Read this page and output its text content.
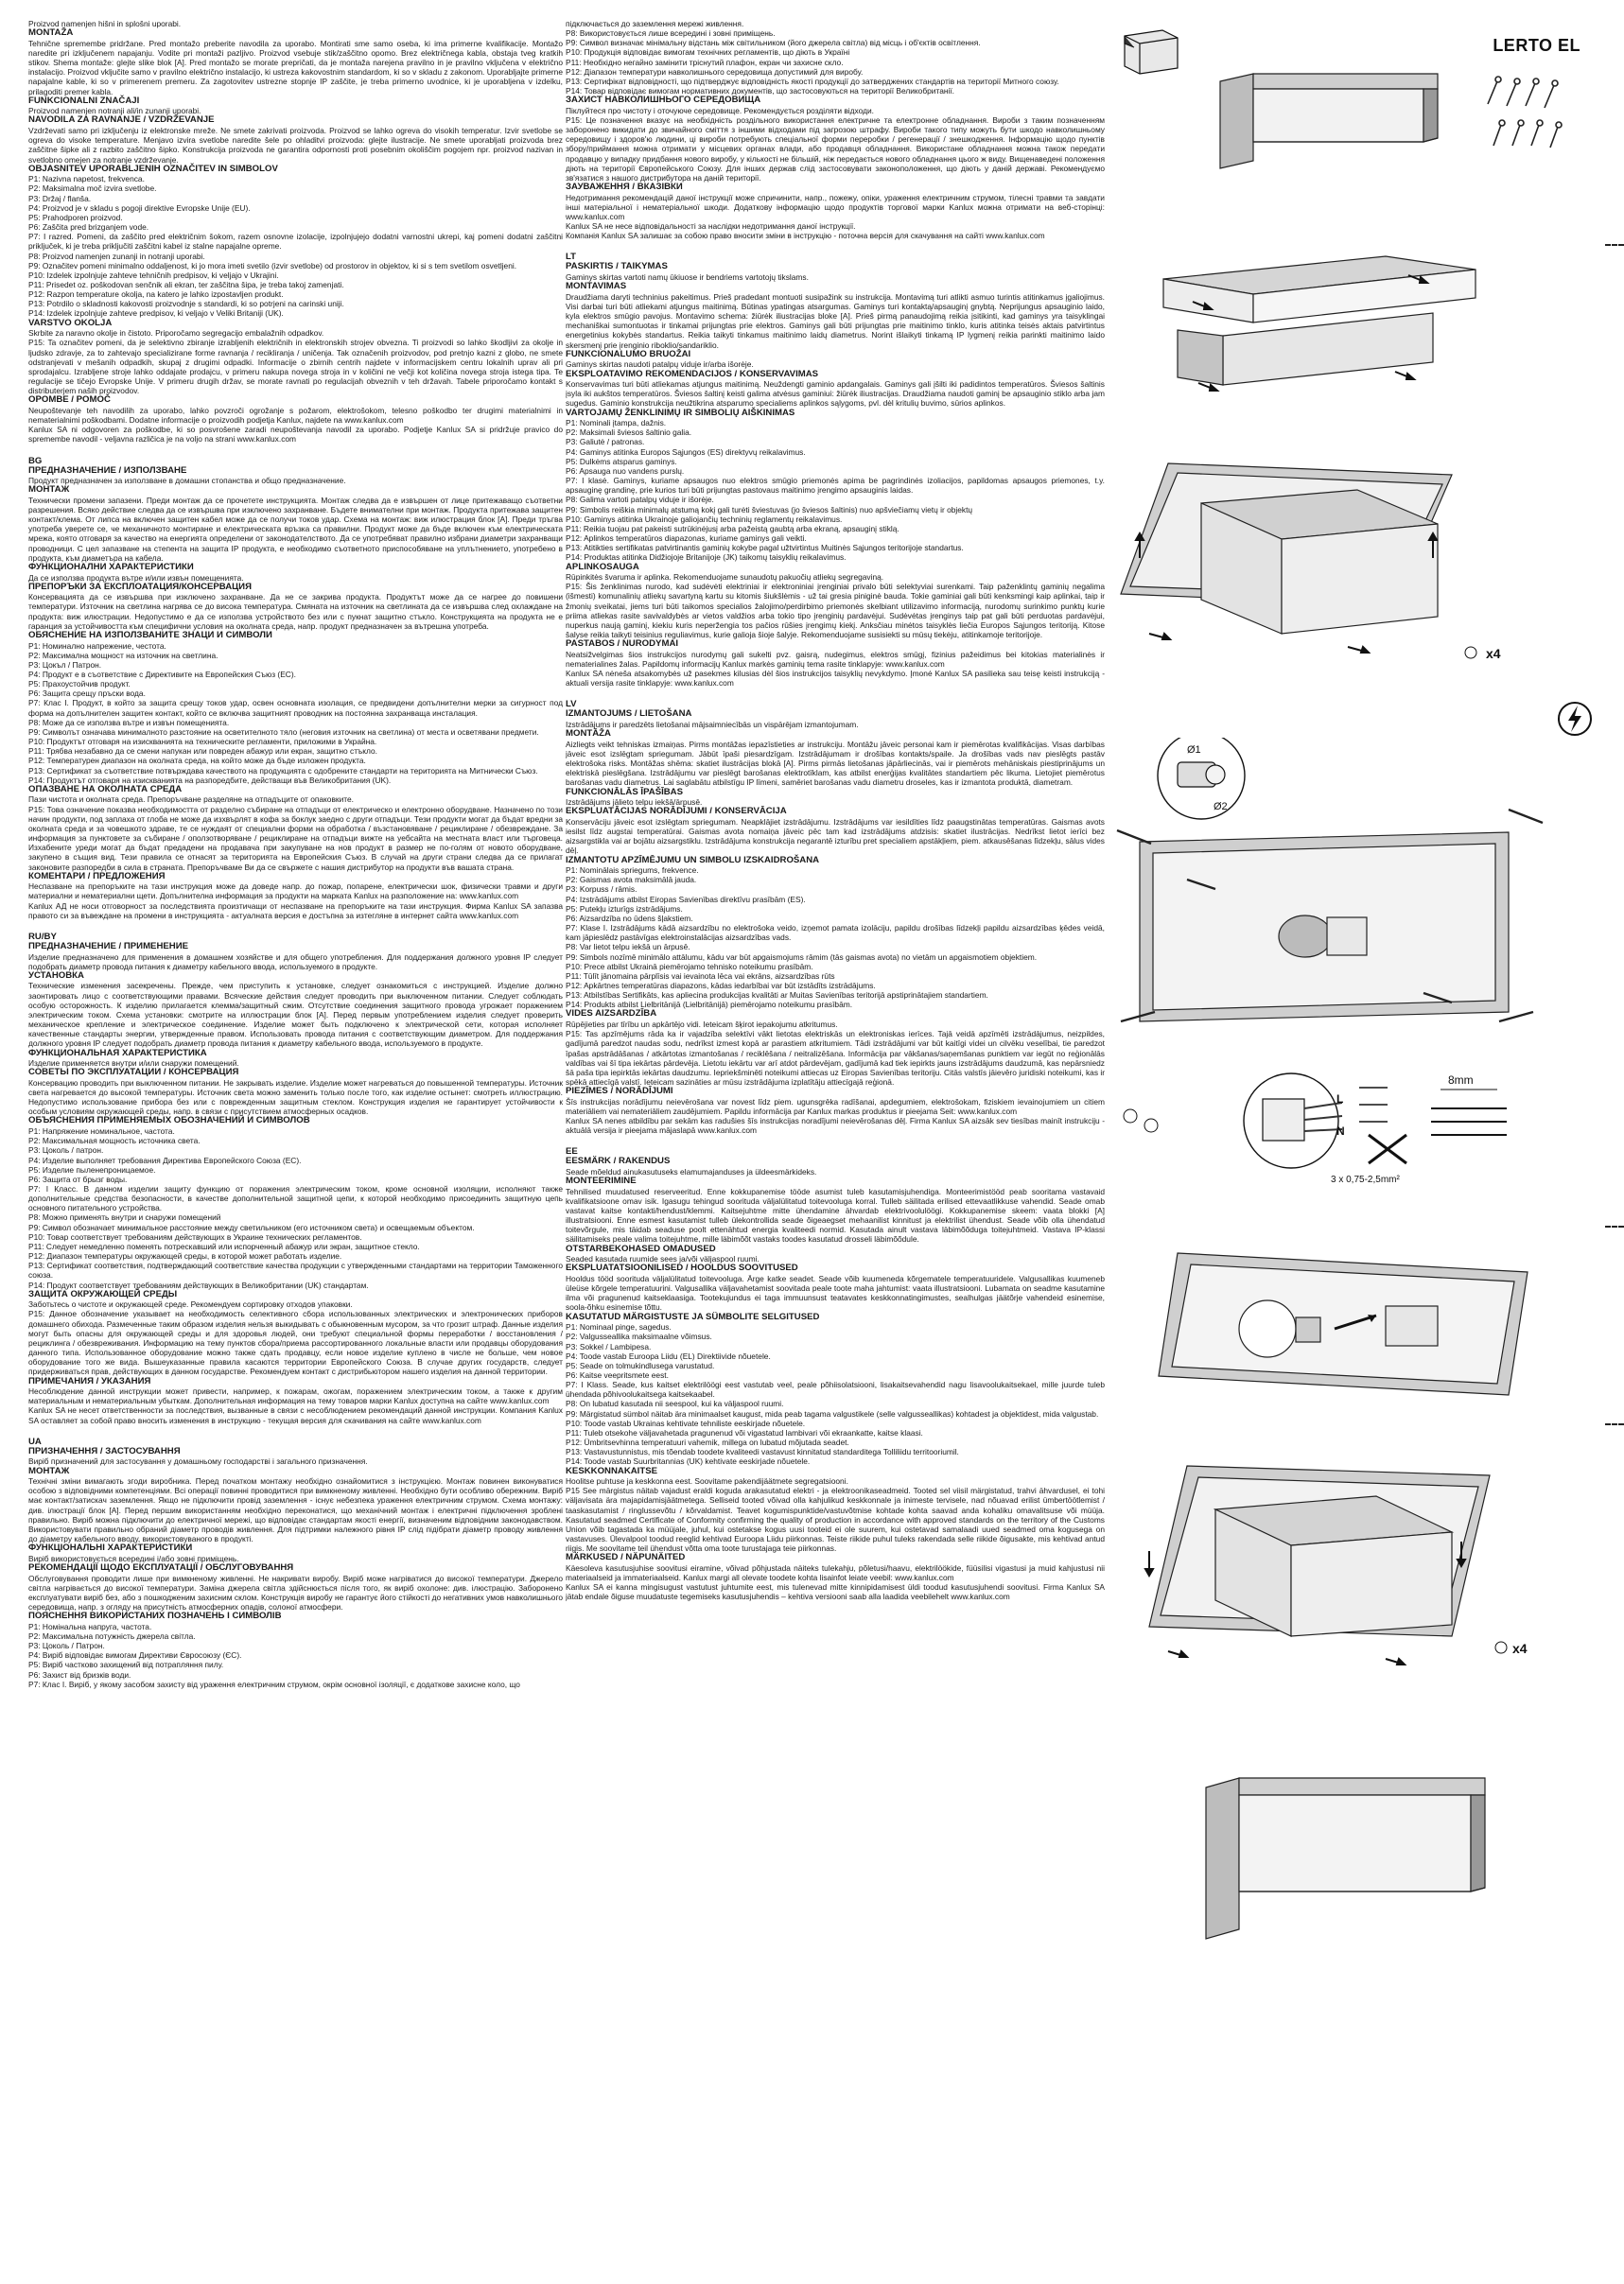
Proizvod namenjen hišni in splošni uporabi.
MONTAŽA
Tehnične spremembe pridržane. Pred montažo preberite navodila za uporabo. Montirati sme samo oseba, ki ima primerne kvalifikacije. Montažo naredite pri izključenem napajanju. Vodite pri montaži pazljivo. Proizvod vsebuje stik/zaščitno opomo. Brez električnega kabla, obstaja tveg kratkih stikov. Shema montaže: glejte slike blok [A]. Pred montažo se morate prepričati, da je montaža narejena pravilno in je pravilno vključena v električno instalacijo. Proizvod vključite samo v pravilno električno instalacijo, ki ustreza kakovostnim standardom, ki so v skladu z zakonom. Uporabljajte primerne napajalne kable, ki so v primerenem premeru. Za zagotovitev ustrezne stopnje IP zaščite, je treba primerno uvodnice, ki je uporabljena v izdelku, prilagoditi premer kabla.
FUNKCIONALNI ZNAČAJI
Proizvod namenjen notranji ali/in zunanji uporabi.
NAVODILA ZA RAVNANJE / VZDRŽEVANJE
Vzdrževati samo pri izključenju iz elektronske mreže. Ne smete zakrivati proizvoda. Proizvod se lahko ogreva do visokih temperatur. Izvir svetlobe se ogreva do visoke temperature. Menjavo izvira svetlobe naredite šele po ohladitvi proizvoda: glejte ilustracije. Ne smete uporabljati proizvoda brez zaščitne šipke ali z razbito zaščitno šipko. Konstrukcija proizvoda ne garantira odpornosti proti posebnim okoliščim pogojem npr. proizvod nazivan in svetlobno omejen za notranje vzdrževanje.
OBJASNITEV UPORABLJENIH OZNAČITEV IN SIMBOLOV
P1: Nazivna napetost, frekvenca.
P2: Maksimalna moč izvira svetlobe.
P3: Držaj / flanša.
P4: Proizvod je v skladu s pogoji direktive Evropske Unije (EU).
P5: Prahodporen proizvod.
P6: Zaščita pred brizganjem vode.
P7: I razred. Pomeni, da zaščito pred električnim šokom, razem osnovne izolacije, izpolnjujejo dodatni varnostni ukrepi, kaj pomeni dodatni zaščitni priključek, ki je treba priključiti zaščitni kabel iz stalne napajalne opreme.
P8: Proizvod namenjen zunanji in notranji uporabi.
P9: Označitev pomeni minimalno oddaljenost, ki jo mora imeti svetilo (izvir svetlobe) od prostorov in objektov, ki si s tem svetilom osvetljeni.
P10: Izdelek izpolnjuje zahteve tehničnih predpisov, ki veljajo v Ukrajini.
P11: Prisedet oz. poškodovan senčnik ali ekran, ter zaščitna šipa, je treba takoj zamenjati.
P12: Razpon temperature okolja, na katero je lahko izpostavljen produkt.
P13: Potrdilo o skladnosti kakovosti proizvodnje s standardi, ki so potrjeni na carinski uniji.
P14: Izdelek izpolnjuje zahteve predpisov, ki veljajo v Veliki Britaniji (UK).
VARSTVO OKOLJA
Skrbite za naravno okolje in čistoto. Priporočamo segregacijo embalažnih odpadkov.
P15: Ta označitev pomeni, da je selektivno zbiranje izrabljenih električnih in elektronskih strojev obvezna. Ti proizvodi so lahko škodljivi za okolje in ljudsko zdravje, za to zahtevajo specializirane forme ravnanja / recikliranja / uničenja. Tak označenih proizvodov, pod pretnjo kazni z globo, ne smete odstranjevati v mešanih odpadkih, skupaj z drugimi odpadki. Informacije o zbirnih centrih najdete v informacijskem centru lokalnih uprav ali pri sprodajalcu. Izrabljene stroje lahko oddajate prodajcu, v primeru nakupa novega stroja in v količini ne večji kot količina novega stroja istega tipa. Te regulacije se tičejo Evropske Unije. V primeru drugih držav, se morate ravnati po regulacijah obveznih v teh državah. Tabele priporočamo kontakt s distributerjem naših proizvodov.
OPOMBE / POMOČ
Neupoštevanje teh navodilih za uporabo, lahko povzroči ogrožanje s požarom, elektrošokom, telesno poškodbo ter drugimi materialnimi in nematerialnimi poškodbami. Dodatne informacije o proizvodih podjetja Kanlux, najdete na www.kanlux.com
Kanlux SA ni odgovoren za poškodbe, ki so posvrošene zaradi neupoštevanja navodil za uporabo. Podjetje Kanlux SA si pridržuje pravico do spremembe navodil - veljavna različica je na voljo na strani www.kanlux.com
BG
ПРЕДНАЗНАЧЕНИЕ / ИЗПОЛЗВАНЕ
Продукт предназначен за използване в домашни стопанства и общо предназначение.
МОНТАЖ
Технически промени запазени. Преди монтаж да се прочетете инструкцията. Монтаж следва да е извършен от лице притежаващо съответни разрешения. Всяко действие следва да се извършва при изключено захранване. Бъдете внимателни при монтаж. Продукта притежава защитен контакт/клема. От липса на включен защитен кабел може да се получи токов удар. Схема на монтаж: виж илюстрация блок [A]. Преди тръгва употреба уверете се, че механичното монтиране и електрическата връзка са правилни. Продукт може да бъде включен към електрическата мрежа, която отговаря за качество на енергията определени от законодателството. Да се употребяват правилно избрани диаметри захранващи проводници. С цел запазване на степента на защита IP продукта, е необходимо съответното приспособяване на уплътнението, употребено в продукта, към диаметъра на кабела.
ФУНКЦИОНАЛНИ ХАРАКТЕРИСТИКИ
Да се използва продукта вътре и/или извън помещенията.
ПРЕПОРЪКИ ЗА ЕКСПЛОАТАЦИЯ/КОНСЕРВАЦИЯ
Консервацията да се извършва при изключено захранване. Да не се закрива продукта. Продуктът може да се нагрее до повишени температури. Източник на светлина нагрява се до висока температура. Смяната на източник на светлината да се извършва след охлаждане на продукта: виж илюстрации. Недопустимо е да се използва устройството без или с пукнат защитно стъкло. Конструкцията на продукта не е гаранция за устойчивостта към специфични условия на околната среда, напр. продукт предназначен за вътрешна употреба.
ОБЯСНЕНИЕ НА ИЗПОЛЗВАНИТЕ ЗНАЦИ И СИМВОЛИ
P1: Номинално напрежение, честота.
P2: Максимална мощност на източник на светлина.
P3: Цокъл / Патрон.
P4: Продукт е в съответствие с Директивите на Европейския Съюз (ЕС).
P5: Прахоустойчив продукт.
P6: Защита срещу пръски вода.
P7: Клас I. Продукт, в който за защита срещу токов удар, освен основната изолация, се предвидени допълнителни мерки за сигурност под форма на допълнителен защитен контакт, който се включва защитният проводник на постоянна захранваща инсталация.
P8: Може да се използва вътре и извън помещенията.
P9: Символът означава минималното разстояние на осветителното тяло (неговия източник на светлина) от места и осветявани предмети.
P10: Продуктът отговаря на изискванията на техническите регламенти, приложими в Украйна.
P11: Трябва незабавно да се смени напукан или повреден абажур или екран, защитно стъкло.
P12: Температурен диапазон на околната среда, на който може да бъде изложен продукта.
P13: Сертификат за съответствие потвърждава качеството на продукцията с одобрените стандарти на територията на Митнически Съюз.
P14: Продуктът отговаря на изискванията на разпоредбите, действащи във Великобритания (UK).
ОПАЗВАНЕ НА ОКОЛНАТА СРЕДА
Пази чистота и околната среда. Препоръчване разделяне на отпадъците от опаковките.
P15: Това означение показва необходимостта от разделно събиране на отпадъци от електрическо и електронно оборудване. Назначено по този начин продукти, под заплаха от глоба не може да изхвърлят в кофа за боклук заедно с други отпадъци. Тези продукти могат да бъдат вредни за околната среда и за човешкото здраве, те се нуждаят от специални форми на обработка / възстановяване / рециклиране / обезвреждане. За информация за пунктовете за събиране / оползотворяване / рециклиране на отпадъци вижте на уебсайта на местната власт или търговеца. Изхабените уреди могат да бъдат предадени на продавача при закупуване на нов продукт в размер не по-голям от новото оборудване, закупено в същия вид. Тези правила се отнасят за територията на Европейския Съюз. В случай на други страни следва да се прилагат законовите разпоредби в сила в страната. Препоръчваме Ви да се свържете с нашия дистрибутор на продукти във вашата страна.
КОМЕНТАРИ / ПРЕДЛОЖЕНИЯ
Неспазване на препоръките на тази инструкция може да доведе напр. до пожар, попарене, електрически шок, физически травми и други материални и нематериални щети. Допълнителна информация за продукти на марката Kanlux на разположение на: www.kanlux.com
Kanlux АД не носи отговорност за последствията произтичащи от неспазване на препоръките на тази инструкция. Фирма Kanlux SA запазва правото си за въвеждане на промени в инструкцията - актуалната версия е достъпна за изтегляне в интернет сайта www.kanlux.com
RU/BY
ПРЕДНАЗНАЧЕНИЕ / ПРИМЕНЕНИЕ
Изделие предназначено для применения в домашнем хозяйстве и для общего употребления. Для поддержания должного уровня IP следует подобрать диаметр провода питания к диаметру кабельного ввода, используемого в продукте.
УСТАНОВКА
Технические изменения засекречены. Прежде, чем приступить к установке, следует ознакомиться с инструкцией. Изделие должно заонтировать лицо с соответствующими правами. Всяческие действия следует проводить при выключенном питании. Следует соблюдать особую осторожность. К изделию прилагается клемма/защитный сжим. Отсутствие соединения защитного провода угрожает поражением электрическим током. Схема установки: смотрите на иллюстрации блок [A]. Перед первым употреблением изделия следует проверить механическое крепление и электрическое соединение. Изделие может быть подключено к электрической сети, которая исполняет качественные стандарты энергии, утвержденные правом. Использовать провода питания с соответствующим диаметром. Для поддержания должного уровня IP следует подобрать диаметр провода питания к диаметру кабельного ввода, используемого в продукте.
ФУНКЦИОНАЛЬНАЯ ХАРАКТЕРИСТИКА
Изделие применяется внутри и/или снаружи помещений.
СОВЕТЫ ПО ЭКСПЛУАТАЦИИ / КОНСЕРВАЦИЯ
Консервацию проводить при выключенном питании. Не закрывать изделие. Изделие может нагреваться до повышенной температуры. Источник света нагревается до высокой температуры. Источник света можно заменить только после того, как изделие остынет: смотреть иллюстрацию. Недопустимо использование прибора без или с поврежденным защитным стеклом. Конструкция изделия не гарантирует устойчивости к особым условиям окружающей среды, напр. в связи с присутствием атмосферных осадков.
ОБЪЯСНЕНИЯ ПРИМЕНЯЕМЫХ ОБОЗНАЧЕНИЙ И СИМВОЛОВ
P1: Напряжение номинальное, частота.
P2: Максимальная мощность источника света.
P3: Цоколь / патрон.
P4: Изделие выполняет требования Директива Европейского Союза (ЕС).
P5: Изделие пыленепроницаемое.
P6: Защита от брызг воды.
P7: I Класс. В данном изделии защиту функцию от поражения электрическим током, кроме основной изоляции, исполняют также дополнительные средства безопасности, в качестве дополнительной защитной цепи, к которой необходимо присоединить защитную цепь основного питательного устройства.
P8: Можно применять внутри и снаружи помещений
P9: Символ обозначает минимальное расстояние между светильником (его источником света) и освещаемым объектом.
P10: Товар соответствует требованиям действующих в Украине технических регламентов.
P11: Следует немедленно поменять потрескавший или испорченный абажур или экран, защитное стекло.
P12: Диапазон температуры окружающей среды, в которой может работать изделие.
P13: Сертификат соответствия, подтверждающий соответствие качества продукции с утвержденными стандартами на территории Таможенного союза.
P14: Продукт соответствует требованиям действующих в Великобритании (UK) стандартам.
ЗАЩИТА ОКРУЖАЮЩЕЙ СРЕДЫ
Заботьтесь о чистоте и окружающей среде. Рекомендуем сортировку отходов упаковки.
P15: Данное обозначение указывает на необходимость селективного сбора использованных электрических и электронических приборов домашнего обихода. Размеченные таким образом изделия нельзя выкидывать с обыкновенным мусором, за что грозит штраф. Данные изделия могут быть опасны для окружающей среды и для здоровья людей, они требуют специальной формы переработки / восстановления / рециклинга / обезвреживания. Информацию на тему пунктов сбора/приема рассортированного локальные власти или продавцы оборудования данного типа. Использованное оборудование можно также сдать продавцу, если новое изделие куплено в числе не больше, чем новое оборудование того же вида. Вышеуказанные правила касаются территории Европейского Союза. В случае других государств, следует придерживаться прав, действующих в данном государстве. Рекомендуем контакт с дистрибьютором нашего изделия на данной территории.
ПРИМЕЧАНИЯ / УКАЗАНИЯ
Несоблюдение данной инструкции может привести, например, к пожарам, ожогам, поражением электрическим током, а также к другим материальным и нематериальным убыткам. Дополнительная информация на тему товаров марки Kanlux доступна на сайте www.kanlux.com
Kanlux SA не несет ответственности за последствия, вызванные в связи с несоблюдением рекомендаций данной инструкции. Компания Kanlux SA оставляет за собой право вносить изменения в инструкцию - текущая версия для скачивания на сайте www.kanlux.com
UA
ПРИЗНАЧЕННЯ / ЗАСТОСУВАННЯ
Виріб призначений для застосування у домашньому господарстві і загального призначення.
МОНТАЖ
Технічні зміни вимагають згоди виробника. Перед початком монтажу необхідно ознайомитися з інструкцією. Монтаж повинен виконуватися особою з відповідними компетенціями. Всі операції повинні проводитися при вимкненому живленні. Необхідно бути особливо обережним. Виріб має контакт/затискач заземлення. Якщо не підключити провід заземлення - існує небезпека ураження електричним струмом. Схема монтажу: див. ілюстрації блок [A]. Перед першим використанням необхідно переконатися, що механічний монтаж і електричні підключення зроблені правильно. Виріб можна підключити до електричної мережі, що відповідає стандартам якості енергії, визначеним відповідним законодавством. Використовувати правильно обраний діаметр проводів живлення. Для підтримки належного рівня IP слід підібрати діаметр проводу живлення до діаметру кабельного вводу, використовуваного в продукті.
ФУНКЦІОНАЛЬНІ ХАРАКТЕРИСТИКИ
Виріб використовується всередині і/або зовні приміщень.
РЕКОМЕНДАЦІЇ ЩОДО ЕКСПЛУАТАЦІЇ / ОБСЛУГОВУВАННЯ
Обслуговування проводити лише при вимкненому живленні. Не накривати виробу. Виріб може нагріватися до високої температури. Джерело світла нагрівається до високої температури. Заміна джерела світла здійснюється після того, як виріб охолоне: див. ілюстрацію. Заборонено експлуатувати виріб без, або з пошкодженим захисним склом. Конструкція виробу не гарантує його стійкості до негативних умов навколишнього середовища, напр. з огляду на присутність атмосферних опадів, солоної атмосфери.
ПОЯСНЕННЯ ВИКОРИСТАНИХ ПОЗНАЧЕНЬ І СИМВОЛІВ
P1: Номінальна напруга, частота.
P2: Максимальна потужність джерела світла.
P3: Цоколь / Патрон.
P4: Виріб відповідає вимогам Директиви Євросоюзу (ЄС).
P5: Виріб частково захищений від потрапляння пилу.
P6: Захист від бризків води.
P7: Клас I. Виріб, у якому засобом захисту від ураження електричним струмом, окрім основної ізоляції, є додаткове захисне коло, що
підключається до заземлення мережі живлення.
P8: Використовується лише всередині і зовні приміщень.
P9: Символ визначає мінімальну відстань між світильником (його джерела світла) від місць і об'єктів освітлення.
P10: Продукція відповідає вимогам технічних регламентів, що діють в Україні
P11: Необхідно негайно замінити тріснутий плафон, екран чи захисне скло.
P12: Діапазон температури навколишнього середовища допустимий для виробу.
P13: Сертифікат відповідності, що підтверджує відповідність якості продукції до затверджених стандартів на території Митного союзу.
P14: Товар відповідає вимогам нормативних документів, що застосовуються на території Великобританії.
ЗАХИСТ НАВКОЛИШНЬОГО СЕРЕДОВИЩА
Піклуйтеся про чистоту і оточуюче середовище. Рекомендується розділяти відходи.
P15: Це позначення вказує на необхідність роздільного використання електричне та електронне обладнання. Вироби з таким позначенням заборонено викидати до звичайного сміття з іншими відходами під загрозою штрафу. Вироби такого типу можуть бути шкодо навколишньому середовищу і здоров'ю людини, ці вироби потребують спеціальної форми переробки / регенерації / знешкодження. Інформацію щодо пунктів збору/приймання можна отримати у місцевих органах влади, або продавця обладнання. Використане обладнання можна також передати продавцю у випадку придбання нового виробу, у кількості не більшій, ніж передається нового обладнання цього ж виду. Вищенаведені положення діють на території Європейського Союзу. Для інших держав слід застосовувати законоположення, що діють у даній державі. Рекомендуємо зв'язатися з нашого дистрибутора на даній території.
ЗАУВАЖЕННЯ / ВКАЗІВКИ
Недотримання рекомендацій даної інструкції може спричинити, напр., пожежу, опіки, ураження електричним струмом, тілесні травми та завдати інші матеріальної і нематеріальної шкоди. Додаткову інформацію щодо продуктів торгової марки Kanlux можна отримати на веб-сторінці: www.kanlux.com
Kanlux SA не несе відповідальності за наслідки недотримання даної інструкції.
Компанія Kanlux SA залишає за собою право вносити зміни в інструкцію - поточна версія для скачування на сайті www.kanlux.com
LT
PASKIRTIS / TAIKYMAS
Gaminys skirtas vartoti namų ūkiuose ir bendriems vartotojų tikslams.
MONTAVIMAS
Draudžiama daryti techninius pakeitimus. Prieš pradedant montuoti susipažink su instrukcija. Montavimą turi atlikti asmuo turintis atitinkamus įgaliojimus. Visi darbai turi būti atliekami atjungus maitinimą. Būtinas ypatingas atsargumas. Gaminys turi kontaktą/apsauginį gnybtą. Neprijungus apsauginio laido, kyla elektros smūgio pavojus. Montavimo schema: žiūrėk iliustracijas bloke [A]. Prieš pirmą panaudojimą reikia įsitikinti, kad gaminys yra taisyklingai mechaniškai sumontuotas ir tinkamai prijungtas prie elektros. Gaminys gali būti prijungtas prie maitinimo tinklo, kuris atitinka teisės aktais patvirtintus energetinius kokybės standartus. Reikia taikyti tinkamus maitinimo laidų diametrus. Norint išlaikyti tinkamą IP lygmenį reikia parinkti maitinimo laido skersmenį prie įrenginio riboklio/sandariklio.
FUNKCIONALUMO BRUOŽAI
Gaminys skirtas naudoti patalpų viduje ir/arba išorėje.
EKSPLOATAVIMO REKOMENDACIJOS / KONSERVAVIMAS
Konservavimas turi būti atliekamas atjungus maitinimą. Neuždengti gaminio apdangalais. Gaminys gali įšilti iki padidintos temperatūros. Šviesos šaltinis įsyla iki aukštos temperatūros. Šviesos šaltinį keisti galima atvėsus gaminiui: žiūrėk iliustracijas. Draudžiama naudoti gaminį be apsauginio stiklo arba jam sugedus. Gaminio konstrukcija neužtikrina atsparumo specialiems aplinkos sąlygoms, pvl. dėl kritulių buvimo, sūrios aplinkos.
VARTOJAMŲ ŽENKLINIMŲ IR SIMBOLIŲ AIŠKINIMAS
P1: Nominali įtampa, dažnis.
P2: Maksimali šviesos šaltinio galia.
P3: Galiutė / patronas.
P4: Gaminys atitinka Europos Sąjungos (ES) direktyvų reikalavimus.
P5: Dulkėms atsparus gaminys.
P6: Apsauga nuo vandens purslų.
P7: I klasė. Gaminys, kuriame apsaugos nuo elektros smūgio priemonės apima be pagrindinės izoliacijos, papildomas apsaugos priemones, t.y. apsauginę grandinę, prie kurios turi būti prijungtas pastovaus maitinimo įrengimo apsauginis laidas.
P8: Galima vartoti patalpų viduje ir išorėje.
P9: Simbolis reiškia minimalų atstumą kokį gali turėti šviestuvas (jo šviesos šaltinis) nuo apšviečiamų vietų ir objektų
P10: Gaminys atitinka Ukrainoje galiojančių techninių reglamentų reikalavimus.
P11: Reikia tuojau pat pakeisti sutrūkinėjusį arba pažeistą gaubtą arba ekraną, apsauginį stiklą.
P12: Aplinkos temperatūros diapazonas, kuriame gaminys gali veikti.
P13: Atitikties sertifikatas patvirtinantis gaminių kokybe pagal užtvirtintus Muitinės Sąjungos teritorijoje standartus.
P14: Produktas atitinka Didžiojoje Britanijoje (JK) taikomų taisyklių reikalavimus.
APLINKOSAUGA
Rūpinkitės švaruma ir aplinka. Rekomenduojame sunaudotų pakuočių atliekų segregaviną.
P15: Šis ženklinimas nurodo, kad sudėvėti elektriniai ir elektroniniai įrenginiai privalo būti selektyviai surenkami. Taip paženklintų gaminių negalima (išmesti) komunalinių atliekų savartyną kartu su kitomis šiukšlėmis - už tai gresia piniginė bauda. Tokie gaminiai gali būti kenksmingi kaip aplinkai, taip ir žmonių sveikatai, jiems turi būti taikomos specialios žalojimo/perdirbimo priemonės skelbiant utilizavimo informaciją, nurodomų surinkimo punktų kurie priima atliekas rasite savivaldybės ar vietos valdžios arba tokio tipo įrenginių pardavėjui. Sudėvėtas įrenginys taip pat gali būti perduotas pardavėjui, nuperkus naują gaminį, kiekiu kuris neperžengia tos pačios rūšies įrengimų kiekį. Anksčiau minėtos taisyklės liečia Europos Sąjungos teritoriją. Kitose šalyse reikia taikyti teisinius reguliavimus, kurie galioja šioje šalyje. Rekomenduojame susisiekti su mūsų tiekėju, atitinkamoje teritorijoje.
PASTABOS / NURODYMAI
Neatsižvelgimas šios instrukcijos nurodymų gali sukelti pvz. gaisrą, nudegimus, elektros smūgį, fizinius pažeidimus bei kitokias materialinės ir nematerialines žalas. Papildomų informacijų Kanlux markės gaminių tema rasite tinklapyje: www.kanlux.com
Kanlux SA nėneša atsakomybės už pasekmes kilusias dėl šios instrukcijos taisyklių nevykdymo. Įmonė Kanlux SA pasilieka sau teisę keisti instrukciją - aktuali versija rasite tinklapyje: www.kanlux.com
LV
IZMANTOJUMS / LIETOŠANA
Izstrādājums ir paredzēts lietošanai mājsaimniecībās un vispārējam izmantojumam.
MONTĀŽA
Aizliegts veikt tehniskas izmaiņas. Pirms montāžas iepazīstieties ar instrukciju. Montāžu jāveic personai kam ir piemērotas kvalifikācijas. Visas darbības jāveic esot izslēgtam spriegumam. Jābūt īpaši piesardzīgam. Izstrādājumam ir drošības kontakts/spaile. Ja drošības vads nav pieslēgts pastāv elektrošoka risks. Montāžas shēma: skatiet ilustrācijas blokā [A]. Pirms pirmās lietošanas jāpārliecinās, vai ir piemērots mehāniskais piestiprinājums un elektriskā pieslēgšana. Izstrādājumu var pieslēgt barošanas elektrotīklam, kas atbilst enerģijas kvalitātes standartiem pēc likuma. Lietojiet piemērotus barošanas vadu diametrus. Lai saglabātu atbilstīgu IP līmeni, samēriet barošanas vadu diametru droseles, kas ir izmantota produktā, diametram.
FUNKCIONĀLĀS ĪPAŠĪBAS
Izstrādājums jālieto telpu iekšā/ārpusē.
EKSPLUATĀCIJAS NORĀDĪJUMI / KONSERVĀCIJA
Konservāciju jāveic esot izslēgtam spriegumam. Neapklājiet izstrādājumu. Izstrādājums var iesildīties līdz paaugstinātas temperatūras. Gaismas avots iesilst līdz augstai temperatūrai. Gaismas avota nomaiņa jāveic pēc tam kad izstrādājums atdzisis: skatiet ilustrācijas. Nedrīkst lietot ierīci bez aizsargstikla vai ar bojātu aizsargstiklu. Izstrādājuma konstrukcija negarantē izturību pret specialiem apstākļiem, piem. atkausēšanas līdzekļu, sālus vides dēļ.
IZMANTOTU APZĪMĒJUMU UN SIMBOLU IZSKAIDROŠANA
P1: Nominālais spriegums, frekvence.
P2: Gaismas avota maksimālā jauda.
P3: Korpuss / rāmis.
P4: Izstrādājums atbilst Eiropas Savienības direktīvu prasībām (ES).
P5: Putekļu izturīgs izstrādājums.
P6: Aizsardzība no ūdens šļakstiem.
P7: Klase I. Izstrādājums kādā aizsardzību no elektrošoka veido, izņemot pamata izolāciju, papildu drošības līdzekļi papildu aizsardzības ķēdes veidā, kam jāpieslēdz pastāvīgas elektroinstalācijas aizsardzības vads.
P8: Var lietot telpu iekšā un ārpusē.
P9: Simbols nozīmē minimālo attālumu, kādu var būt apgaismojums rāmim (tās gaismas avota) no vietām un apgaismotiem objektiem.
P10: Prece atbilst Ukrainā piemērojamo tehnisko noteikumu prasībām.
P11: Tūlīt jānomaina pārplīsis vai ievainota lēca vai ekrāns, aizsardzības rūts
P12: Apkārtnes temperatūras diapazons, kādas iedarbībai var būt izstādīts izstrādājums.
P13: Atbilstības Sertifikāts, kas apliecina produkcijas kvalitāti ar Muitas Savienības teritorijā apstiprinātajiem standartiem.
P14: Produkts atbilst Lielbritānijā (Lielbritānijā) piemērojamo noteikumu prasībām.
VIDES AIZSARDZĪBA
Rūpējieties par tīrību un apkārtējo vidi. Ieteicam šķirot iepakojumu atkritumus.
P15: Tas apzīmējums rāda ka ir vajadzība selektīvi vākt lietotas elektriskās un elektroniskas ierīces. Tajā veidā apzīmēti izstrādājumus, neizpildes, gadījumā paredzot naudas sodu, nedrīkst izmest kopā ar parastiem atkritumiem. Tādi izstrādājumi var būt kaitīgi videi un cilvēku veselībai, tie paredzot īpašas apstrādāšanas / atkārtotas izmantošanas / reciklēšana / neitralizēšana. Informācija par vākšanas/saņemšanas punktiem var iegūt no reģionālās valdības vai šī tipa iekārtas pārdevēja. Lietotu iekārtu var arī atdot pārdevējam, gadījumā kad tiek iepirkts jauns izstrādājums daudzumā, kas nepārsniedz šā paša tipa iepirktās iekārtas daudzumu. Iepriekšminēti noteikumi attiecas uz Eiropas Savienības teritoriju. Citās valstīs jāievēro juridiski noteikumi, kas ir spēkā attiecīgā valstī. Ieteicam sazināties ar mūsu izstrādājuma izplatītāju attiecīgajā reģionā.
PIEZĪMES / NORĀDĪJUMI
Šīs instrukcijas norādījumu neievērošana var novest līdz piem. ugunsgrēka radīšanai, apdegumiem, elektrošokam, fiziskiem ievainojumiem un citiem materiāliem vai nemateriāliem zaudējumiem. Papildu informācija par Kanlux markas produktus ir pieejama Seit: www.kanlux.com
Kanlux SA nenes atbildību par sekām kas radušies šīs instrukcijas noradījumi neievērošanas dēļ. Firma Kanlux SA aizsāk sev tiesības mainīt instrukciju - aktuālā versija ir pieejama mājaslapā www.kanlux.com
EE
EESMÄRK / RAKENDUS
Seade mõeldud ainukasutuseks elamumajanduses ja üldeesmärkideks.
MONTEERIMINE
Tehnilised muudatused reserveeritud. Enne kokkupanemise tööde asumist tuleb kasutamisjuhendiga. Monteerimistööd peab sooritama vastavaid kvalifikatsioone omav isik. Igasugu tehingud soorituda väljalülitatud toitevooluga korral. Tulleb säilitada erilised ettevaatlikkuse vahendid. Seade omab vastavat kaitse kontakti/hendust/klemmi. Kaitsejuhtme mitte ühendamine ähvardab elektrivoolulöögi. Kokkupanemise skeem: vaata blokki [A] illustratsiooni. Enne esmest kasutamist tulleb ülekontrollida seade õigeaegset mehaanilist kinnitust ja elektrilist ühendust. Seade võib olla ühendatud toitevõrgule, mis täidab seaduse poolt ettenähtud energia kvaliteedi normid. Kasutada ainult vastava läbimõõduga toitejuhtmeid. Vastava IP-klassi säilitamiseks peale valima toitejuhtme, mille läbimõõt vastaks toodes kasutatud drosseli läbimõõdule.
OTSTARBEKOHASED OMADUSED
Seaded kasutada ruumide sees ja/või väljaspool ruumi.
EKSPLUATATSIOONILISED / HOOLDUS SOOVITUSED
Hooldus tööd soorituda väljalülitatud toitevooluga. Ärge katke seadet. Seade võib kuumeneda kõrgematele temperatuuridele. Valgusallikas kuumeneb üleüse kõrgele temperatuurini. Valgusallika väljavahetamist soovitada peale toote maha jahtumist: vaata illustratsiooni. Lubamata on seadme kasutamine ilma või pragunenud kaitseklaasiga. Tootekujundus ei taga immuunsust teatavates keskkonnatingimustes, sealhulgas jäätõrje vahendeid esinemise, soola-õhku esinemise tõttu.
KASUTATUD MÄRGISTUSTE JA SÜMBOLITE SELGITUSED
P1: Nominaal pinge, sagedus.
P2: Valgusseallika maksimaalne võimsus.
P3: Sokkel / Lambipesa.
P4: Toode vastab Euroopa Liidu (EL) Direktiivide nõuetele.
P5: Seade on tolmukindlusega varustatud.
P6: Kaitse veepritsmete eest.
P7: I Klass. Seade, kus kaitset elektrilöögi eest vastutab veel, peale põhiisolatsiooni, lisakaitsevahendid nagu lisavoolukaitsekael, mille juurde tuleb ühendada põhivoolukaitsega kaitsekaabel.
P8: On lubatud kasutada nii seespool, kui ka väljaspool ruumi.
P9: Märgistatud sümbol näitab ära minimaalset kaugust, mida peab tagama valgustikele (selle valgusseallikas) kohtadest ja objektidest, mida valgustab.
P10: Toode vastab Ukrainas kehtivate tehniliste eeskirjade nõuetele.
P11: Tuleb otsekohe väljavahetada pragunenud või vigastatud lambivari või ekraankatte, kaitse klaasi.
P12: Ümbritsevhinna temperatuuri vahemik, millega on lubatud mõjutada seadet.
P13: Vastavustunnistus, mis tõendab toodete kvaliteedi vastavust kinnitatud standarditega Tolliliidu territooriumil.
P14: Toode vastab Suurbritannias (UK) kehtivate eeskirjade nõuetele.
KESKKONNAKAITSE
Hoolitse puhtuse ja keskkonna eest. Soovitame pakendijäätmete segregatsiooni.
P15 See märgistus näitab vajadust eraldi koguda arakasutatud elektri - ja elektroonikaseadmeid. Tooted sel viisil märgistatud, trahvi ähvardusel, ei tohi väljavisata ära majapidamisjäätmetega. Selliseid tooted võivad olla kahjulikud keskkonnale ja inimeste tervisele, nad nõuavad erilist ümbertöötlemist / taaskasutamist / ringlussevõtu / kõrvaldamist. Teavet kogumispunktide/vastuvõtmise kohtade kohta saavad anda kohaliku omavalitsuse või müüja. Kasutatud seadmed Certificate of Conformity confirming the quality of production in accordance with approved standards on the territory of the Customs Union võib tagastada ka müüjale, juhul, kui ostetakse kogus uusi tooteid ei ole suurem, kui ostetavad samalaadi uued seadmed oma kogusega on vastavuses. Ülevalpool toodud reeglid kehtivad Euroopa Liidu piirkonnas. Teiste riikide puhul tuleks rakendada selle riikide õigusakte, mis kehtivad antud riigis. Me soovitame teil ühendust võtta oma toote turustajaga teie piirkonnas.
MÄRKUSED / NÄPUNÄITED
Käesoleva kasutusjuhise soovitusi eiramine, võivad põhjustada näiteks tulekahju, põletusi/haavu, elektrilöökide, füüsilisi vigastusi ja muid kahjustusi nii materiaalseid ja immateriaalseid. Kanlux margi all olevate toodete kohta lisainfot leiate veebil: www.kanlux.com
Kanlux SA ei kanna mingisugust vastutust juhtumite eest, mis tulenevad mitte kinnipidamisest üldi toodud kasutusjuhendi soovitusi. Firma Kanlux SA jätab endale õiguse muudatuste tegemiseks kasutusjuhendis – kehtiva versiooni saab alla laadida veebilehelt www.kanlux.com
LERTO EL
x4
Ø1
Ø2
L
N
8mm
3 x 0,75-2,5mm²
x4
